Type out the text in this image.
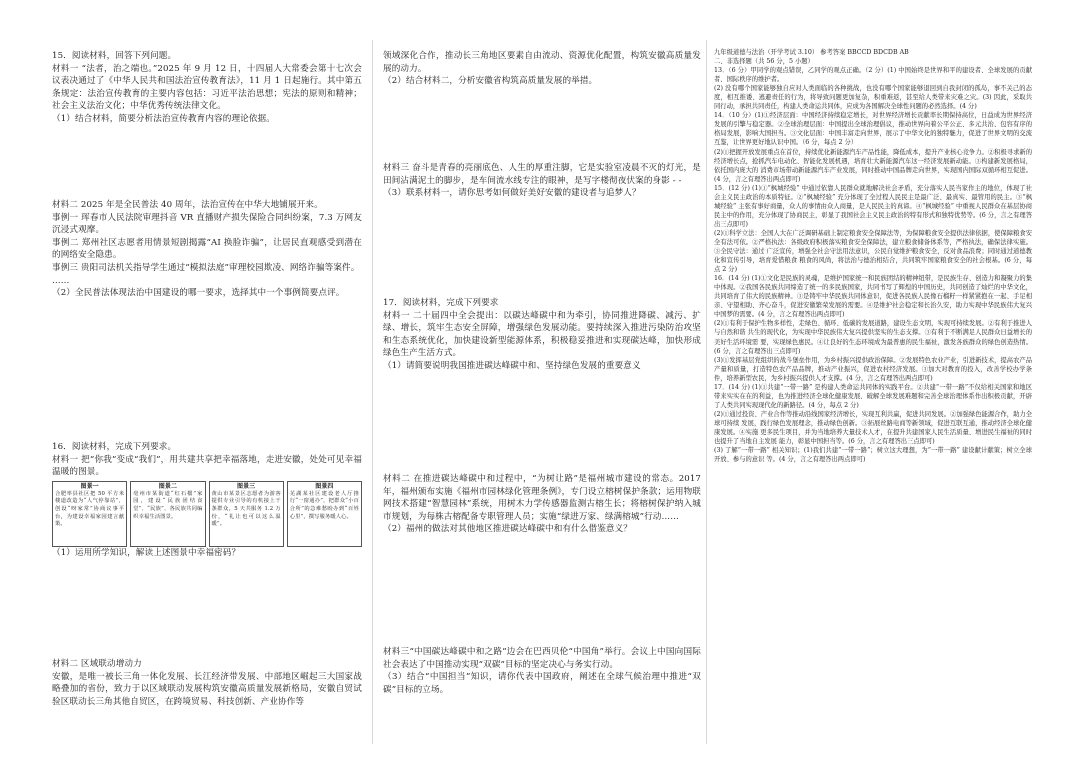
15．阅读材料，回答下列问题。

材料一 “法者，治之端也。”2025 年 9 月 12 日，十四届人大常委会第十七次会议表决通过了《中华人民共和国法治宣传教育法》，11 月 1 日起施行。其中第五条规定：法治宣传教育的主要内容包括：习近平法治思想；宪法的原则和精神；社会主义法治文化；中华优秀传统法律文化。

（1）结合材料，简要分析法治宣传教育内容的理论依据。

材料二 2025 年是全民普法 40 周年，法治宣传在中华大地铺展开来。

事例一 珲春市人民法院审理抖音 VR 直播财产损失保险合同纠纷案，7.3 万网友沉浸式观摩。

事例二 郑州社区志愿者用情景短剧揭露“AI 换脸诈骗”，让居民直观感受到潜在的网络安全隐患。

事例三 贵阳司法机关指导学生通过“模拟法庭”审理校园欺凌、网络诈骗等案件。

……

（2）全民普法体现法治中国建设的哪一要求，选择其中一个事例简要点评。

16．阅读材料，完成下列要求。

材料一 把“你我”变成“我们”，用共建共享把幸福落地，走进安徽，处处可见幸福温暖的图景。

图景一
合肥率县社区把 50 平方米楼道改造为“人气停靠站”，创设“呀家常”协商议事平台，为建设幸福家园建言献策。
图景二
亳州市某街道“红石榴”家园，建设“民族团结食堂”、“民族”、各民族共同编织幸福生活图景。
图景三
黄山市某景区志愿者为游客提供专业引导的有机接上干条群众，5 天共服务 1.2 万份，“礼让也可以这么温暖”。
图景四
芜湖某社区建设老人厅推行“一窗通办”，把群众“小百合所”的急难愁盼办到“百姓心里”，撰写服务暖人心。

（1）运用所学知识，解读上述图景中幸福密码？

材料二 区域联动增动力

安徽，是唯一被长三角一体化发展、长江经济带发展、中部地区崛起三大国家战略叠加的省份，致力于以区域联动发展构筑安徽高质量发展新格局，安徽自贸试验区联动长三角其他自贸区，在跨境贸易、科技创新、产业协作等

领域深化合作，推动长三角地区要素自由流动、资源优化配置，构筑安徽高质量发展的动力。

（2）结合材料二，分析安徽省构筑高质量发展的举措。

材料三 奋斗是青春的亮丽底色、人生的厚重注脚，它是实验室凌晨不灭的灯光，是田间沾满泥土的脚步，是车间流水线专注的眼神，是写字楼彻夜伏案的身影 - -

（3）联系材料一，请你思考如何做好美好安徽的建设者与追梦人？

17．阅读材料，完成下列要求

材料一 二十届四中全会提出：以碳达峰碳中和为牵引，协同推进降碳、减污、扩绿、增长，筑牢生态安全屏障，增强绿色发展动能。要持续深入推进污染防治攻坚和生态系统优化，加快建设新型能源体系，积极稳妥推进和实现碳达峰，加快形成绿色生产生活方式。

（1）请简要说明我国推进碳达峰碳中和、坚持绿色发展的重要意义

材料二 在推进碳达峰碳中和过程中，“为树让路”是福州城市建设的常态。2017 年，福州颁布实施《福州市园林绿化管理条例》，专门设立榕树保护条款；运用物联网技术搭建“智慧园林”系统，用树木力学传感器监测古榕生长；将榕树保护纳入城市规划，为每株古榕配备专职管理人员；实施“绿进万家、绿满榕城”行动……

（2）福州的做法对其他地区推进碳达峰碳中和有什么借鉴意义？

材料三“中国碳达峰碳中和之路”边会在巴西贝伦“中国角”举行。会议上中国向国际社会表达了中国推动实现“双碳”目标的坚定决心与务实行动。

（3）结合“中国担当”知识，请你代表中国政府，阐述在全球气候治理中推进“双碳”目标的立场。

九年级道德与法治（开学考试 3.10） 参考答案 BBCCD BDCDB AB

二、非选择题（共 56 分，5 小题）

13．（6 分）甲同学的观点错误，乙同学的观点正确。（2 分）(1) 中国始终是世界和平的建设者、全球发展的贡献者、国际秩序的维护者。

(2) 没有哪个国家能够独自应对人类面临的各种挑战，也没有哪个国家能够退回到自我封闭的孤岛，事不关己的态度，相互推诿、逃避责任的行为，将导致问题更加复杂，积重难返，甚至给人类带来灾难之灾。(3) 因此，采取共同行动，承担共同责任，构建人类命运共同体，应成为各国解决全球性问题的必然选择。(4 分)

14．（10 分）(1)①经济层面：中国经济持续稳定增长，对世界经济增长贡献率长期保持高位，日益成为世界经济发展的引擎与稳定器。②全球治理层面：中国提出全球治理倡议，推动世界向着公平公正、多元共治、包容有序的格局发展，影响大国担当。③文化层面：中国丰富走向世界，展示了中华文化的独特魅力，促进了世界文明的交流互鉴，让世界更好地认识中国。（6 分，每点 2 分）

(2)①把握开放发展重点在首位，持续优化新能源汽车产品性能，降低成本，提升产业核心竞争力。②积极寻求新的经济增长点，抢抓汽车电动化、智能化发展机遇，培育壮大新能源汽车这一经济发展新动能。③构建新发展格局，依托国内庞大的 消费市场带动新能源汽车产业发展，同时推动中国品牌走向世界，实现国内国际双循环相互促进。(4 分，言之有理答出两点即可)

15．(12 分) (1)①“枫城经验” 中通过依靠人民群众就地解决社会矛盾，充分落实人民当家作主的地位，体现了社会主义民主政治的本质特征。②“枫城经验” 充分体现了全过程人民民主是最广泛、最真实、最管用的民主。③“枫城经验” 主张有事好商量，众人的事情由众人商量，是人民民主的真谛。④“枫城经验” 中重视人民群众在基层协商民主中的作用，充分体现了协商民主，彰显了我国社会主义民主政治的特有形式和独特优势等。(6 分，言之有理答出三点即可)

(2)①科学立法：全国人大在广泛调研基础上制定粮食安全保障法等，为保障粮食安全提供法律依据，使保障粮食安全有法可依。②严格执法：各级政府积极落实粮食安全保障法，建立粮食储备体系等，严格执法，确保法律实施。③全民守法：通过 广泛宣传，增强全社会守法用法意识，公民自觉维护粮食安全，反对食品浪费；同时通过道德教化和宣传引导，培育爱惜粮食 粮食的风尚，将法治与德治相结合，共同筑牢国家粮食安全的社会根基。(6 分，每点 2 分)

16．(14 分) (1)①文化是民族的灵魂，是维护国家统一和民族团结的精神纽带，是民族生存、创造力和凝聚力的集中体现。②我国各民族共同缔造了统一的多民族国家，共同书写了辉煌的中国历史，共同创造了灿烂的中华文化，共同培育了伟大的民族精神。③是铸牢中华民族共同体意识，促进各民族人民像石榴籽一样紧紧抱在一起、手足相亲、守望相助、齐心奋斗，促进安徽繁荣发展的需要。④是维护社会稳定和长治久安，助力实现中华民族伟大复兴中国梦的需要。(4 分，言之有理答出两点即可)

(2)①有利于保护生物多样性，走绿色、循环、低碳的发展道路，建设生态文明，实现可持续发展。②有利于推进人与自然和谐 共生的现代化，为实现中华民族伟大复兴提供坚实的生态支撑。③有利于不断满足人民群众日益增长的美好生活环境需 要，实现绿色惠民。④让良好的生态环境成为最普惠的民生福祉，激发各族群众的绿色创造热情。(6 分，言之有理答出三点即可)

(3)①发挥基层党组织的战斗堡垒作用，为乡村振兴提供政治保障。②发展特色农业产业，引进新技术，提高农产品产量和质量，打造特色农产品品牌，推动产业振兴，促进农村经济发展。③加大对教育的投入，改善学校办学条件，培养新型农民，为乡村振兴提供人才支撑。(4 分，言之有理答出两点即可)

17．(14 分) (1)①共建“一带一路” 是构建人类命运共同体的实践平台。②共建“一带一路”不仅给相关国家和地区带来实实在在的利益，也为推进经济全球化健康发展、破解全球发展难题和完善全球治理体系作出积极贡献，开辟了人类共同实现现代化的新路径。(4 分，每点 2 分)

(2)①通过投资、产业合作等推动沿线国家经济增长，实现互利共赢，促进共同发展。②加强绿色能源合作，助力全球可持续 发展，践行绿色发展理念，推动绿色创新。③拓展丝路电商等新领域，促进互联互通，推动经济全球化健康发展。④实施 更多民生项目，并为当地培养大量技术人才，在提升共建国家人民生活质量、增进民生福祉的同时也提升了当地自主发展 能力，彰显中国担当等。(6 分，言之有理答出三点即可)

(3) 了解“一带一路” 相关知识；(1)我们共建“一带一路”；树立这大理想，为“一带一路” 建设献计献策；树立全球开放、参与的意识 等。(4 分，言之有理答出两点即可)
